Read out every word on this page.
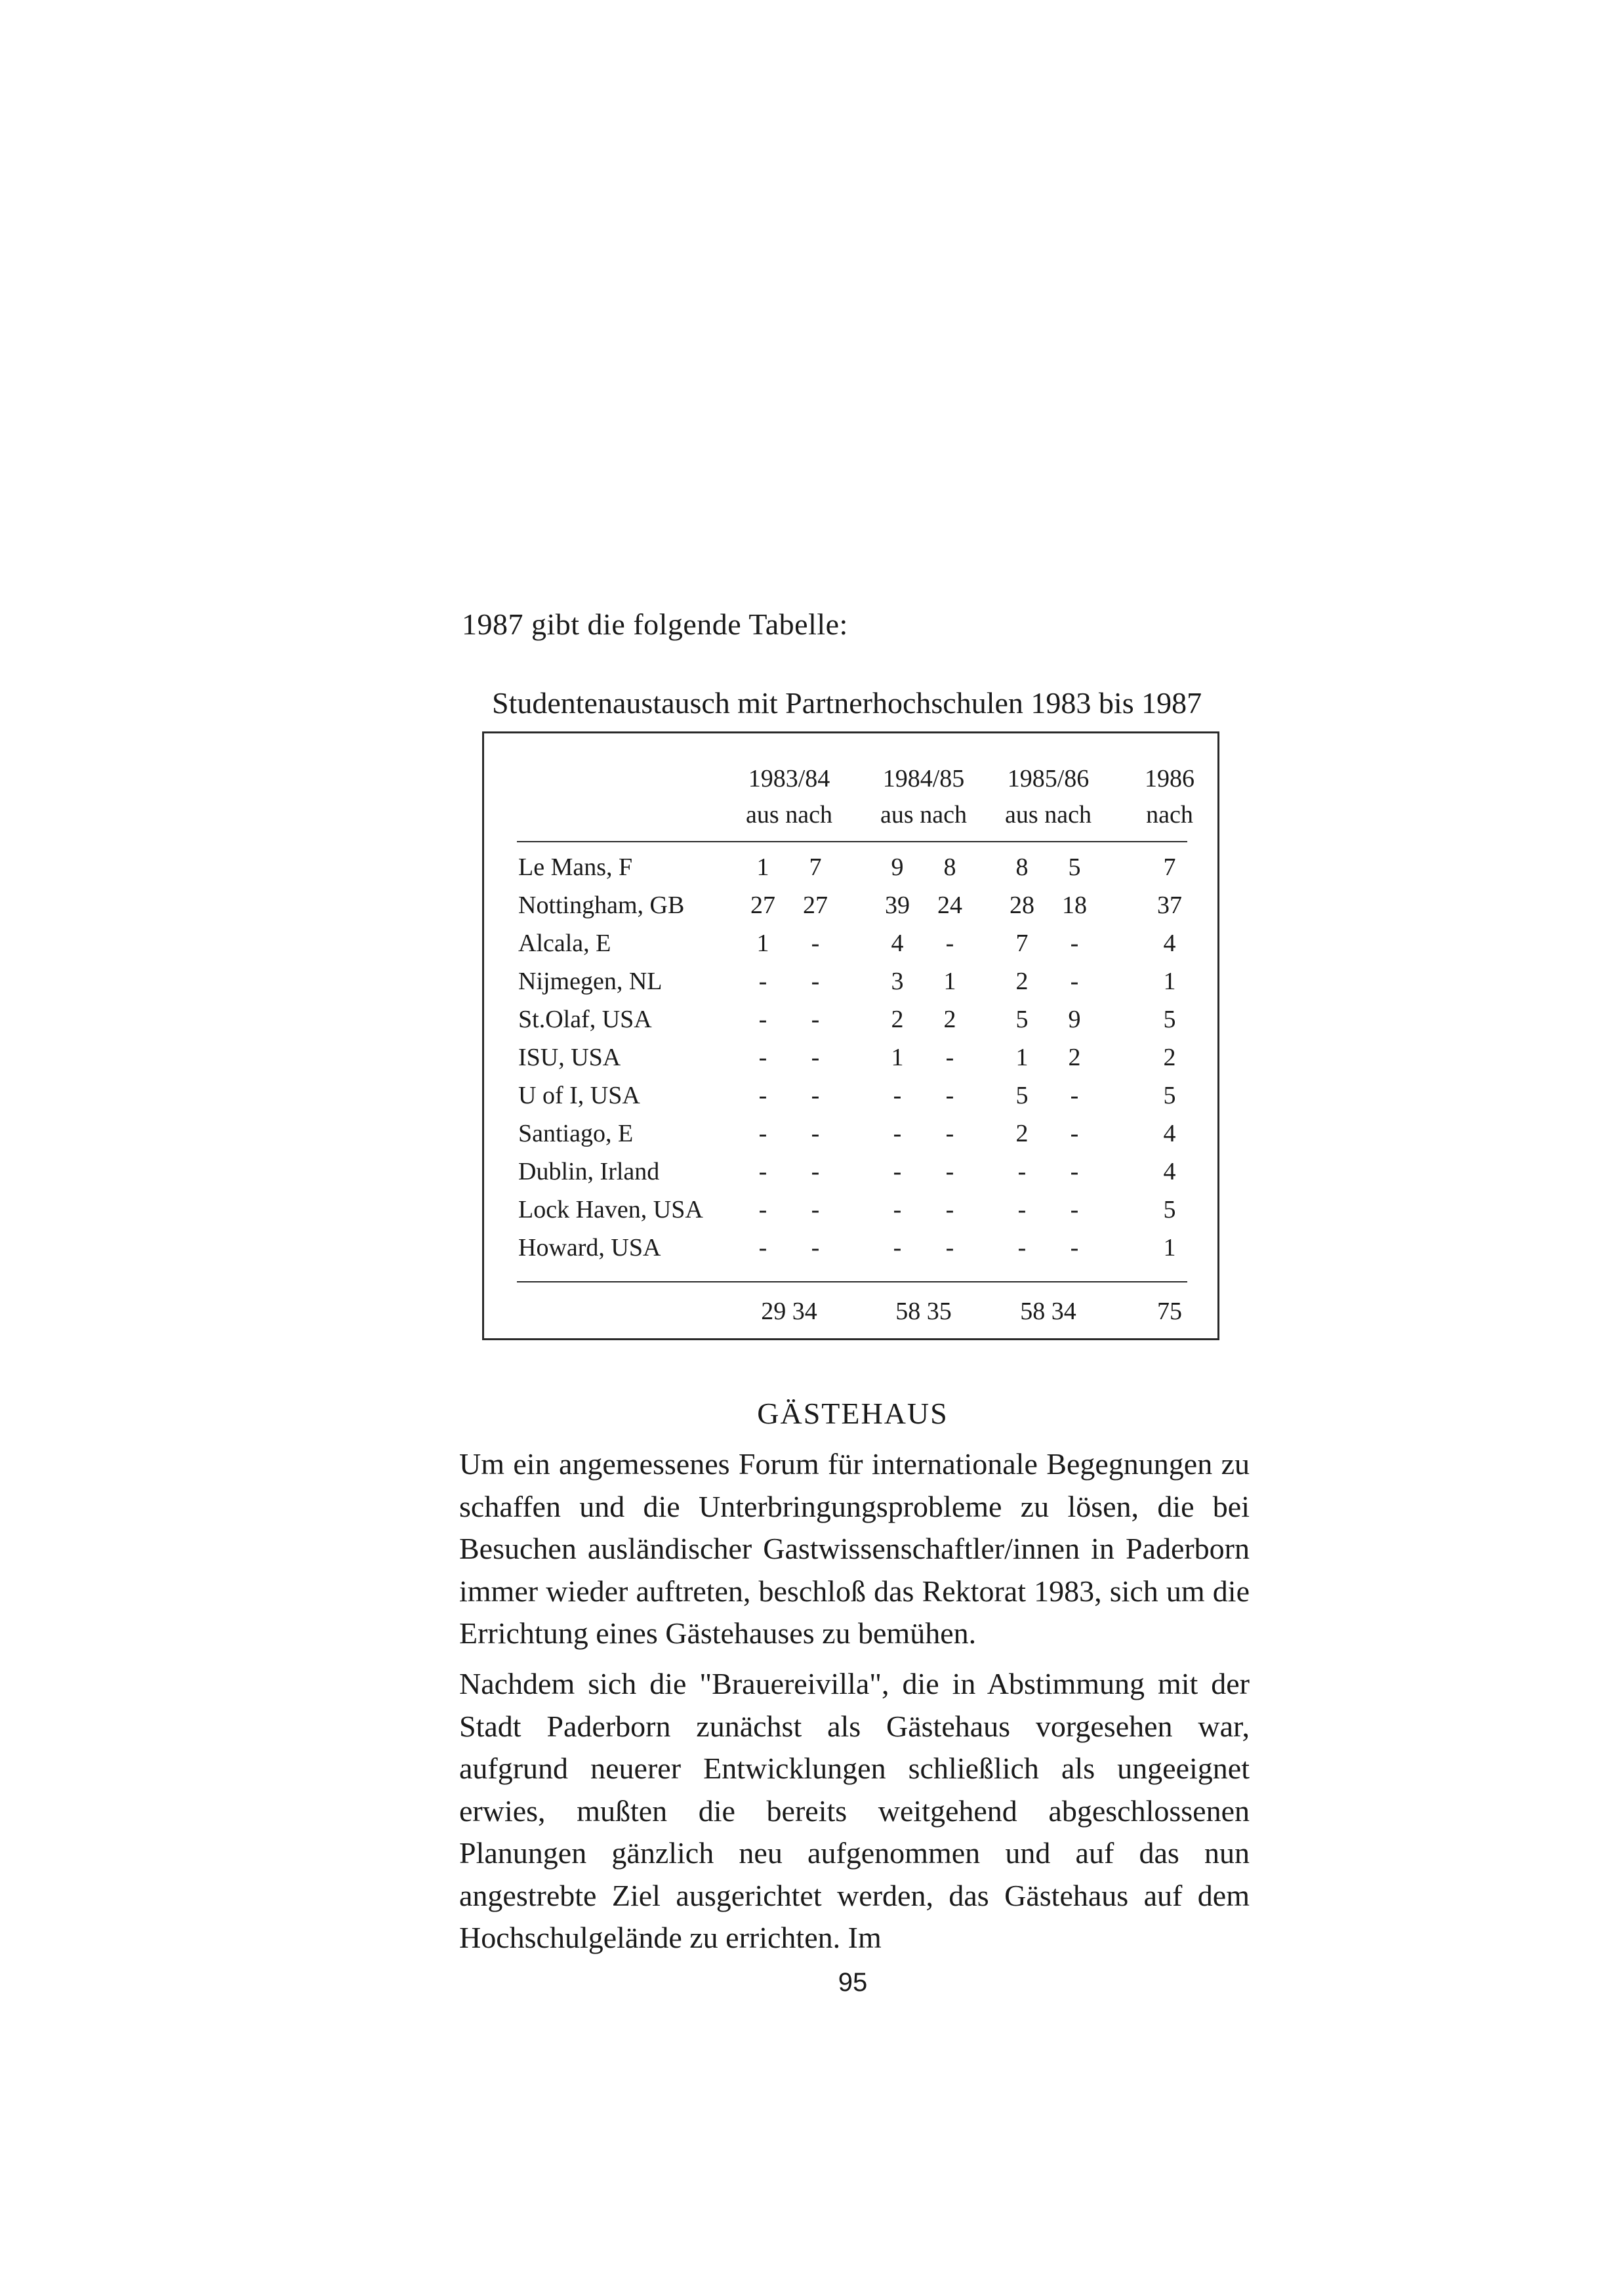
1987 gibt die folgende Tabelle:

Studentenaustausch mit Partnerhochschulen 1983 bis 1987

1983/84 1984/85 1985/86 1986
aus nach aus nach aus nach nach
Le Mans, F	1 7	9 8 8 5	7
Nottingham, GB	27 27 39 24 28 18	37
Alcala, E	1 -	4 - 7 -	4
Nijmegen, NL	- -	3 1 2 -	1
St.Olaf, USA	- -	2 2 5 9	5
ISU, USA	- -	1 - 1 2	2
U of I, USA	- -	- - 5 -	5
Santiago, E	- -	- - 2 -	4
Dublin, Irland	- -	- -	- -	4
Lock Haven, USA - -	- -	- -	5
Howard, USA	- -	- -	- -	1
29 34	58 35	58 34	75

GÄSTEHAUS

Um ein angemessenes Forum für internationale Begegnungen zu schaffen und die Unterbringungsprobleme zu lösen, die bei Besuchen ausländischer Gastwissenschaftler/innen in Paderborn immer wieder auftreten, beschloß das Rektorat 1983, sich um die Errichtung eines Gästehauses zu bemühen.

Nachdem sich die "Brauereivilla", die in Abstimmung mit der Stadt Paderborn zunächst als Gästehaus vorgesehen war, aufgrund neuerer Entwicklungen schließlich als ungeeignet erwies, mußten die bereits weitgehend abgeschlossenen Planungen gänzlich neu aufgenommen und auf das nun angestrebte Ziel ausgerichtet werden, das Gästehaus auf dem Hochschulgelände zu errichten. Im

95
